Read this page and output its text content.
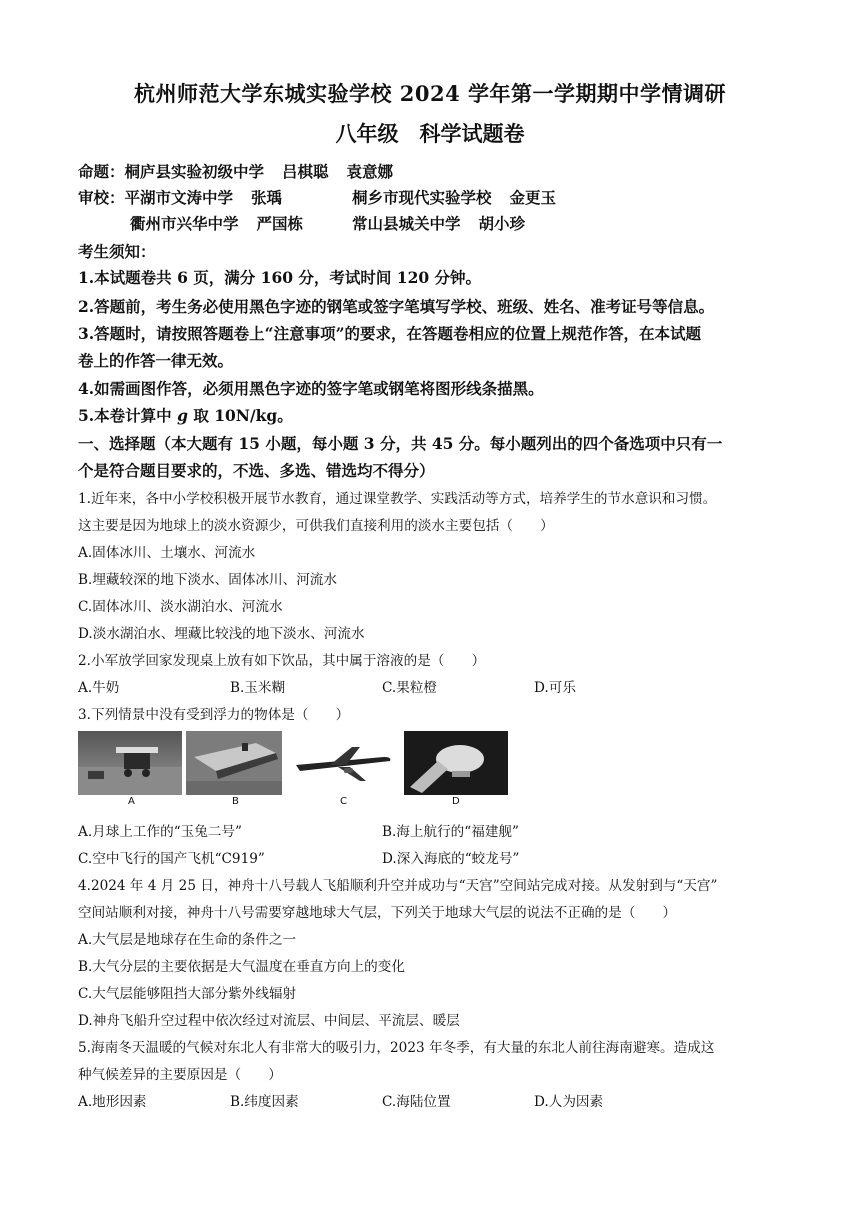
杭州师范大学东城实验学校 2024 学年第一学期期中学情调研
八年级　科学试题卷
命题：桐庐县实验初级中学 吕棋聪 袁意娜
审校：平湖市文涛中学 张瑀	桐乡市现代实验学校 金更玉
衢州市兴华中学 严国栋	常山县城关中学 胡小珍
考生须知：
1.本试题卷共 6 页，满分 160 分，考试时间 120 分钟。
2.答题前，考生务必使用黑色字迹的钢笔或签字笔填写学校、班级、姓名、准考证号等信息。
3.答题时，请按照答题卷上“注意事项”的要求，在答题卷相应的位置上规范作答，在本试题
卷上的作答一律无效。
4.如需画图作答，必须用黑色字迹的签字笔或钢笔将图形线条描黑。
5.本卷计算中 g 取 10N/kg。
一、选择题（本大题有 15 小题，每小题 3 分，共 45 分。每小题列出的四个备选项中只有一
个是符合题目要求的，不选、多选、错选均不得分）
1.近年来，各中小学校积极开展节水教育，通过课堂教学、实践活动等方式，培养学生的节水意识和习惯。
这主要是因为地球上的淡水资源少，可供我们直接利用的淡水主要包括（　　）
A.固体冰川、土壤水、河流水
B.埋藏较深的地下淡水、固体冰川、河流水
C.固体冰川、淡水湖泊水、河流水
D.淡水湖泊水、埋藏比较浅的地下淡水、河流水
2.小军放学回家发现桌上放有如下饮品，其中属于溶液的是（　　）
A.牛奶	B.玉米糊	C.果粒橙	D.可乐
3.下列情景中没有受到浮力的物体是（　　）
A	B	C	D
A.月球上工作的“玉兔二号”	B.海上航行的“福建舰”
C.空中飞行的国产飞机“C919”	D.深入海底的“蛟龙号”
4.2024 年 4 月 25 日，神舟十八号载人飞船顺利升空并成功与“天宫”空间站完成对接。从发射到与“天宫”
空间站顺利对接，神舟十八号需要穿越地球大气层，下列关于地球大气层的说法不正确的是（　　）
A.大气层是地球存在生命的条件之一
B.大气分层的主要依据是大气温度在垂直方向上的变化
C.大气层能够阻挡大部分紫外线辐射
D.神舟飞船升空过程中依次经过对流层、中间层、平流层、暖层
5.海南冬天温暖的气候对东北人有非常大的吸引力，2023 年冬季，有大量的东北人前往海南避寒。造成这
种气候差异的主要原因是（　　）
A.地形因素	B.纬度因素	C.海陆位置	D.人为因素
